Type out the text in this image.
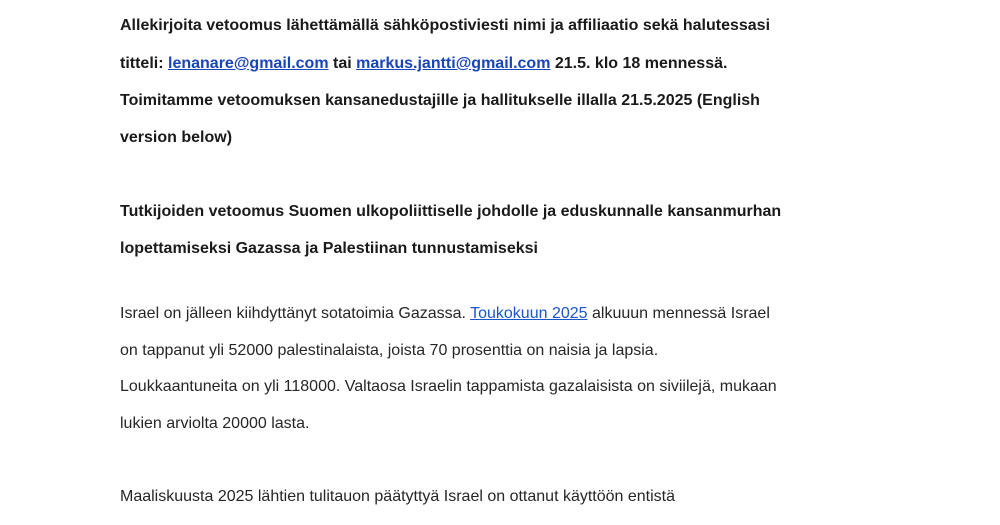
Allekirjoita vetoomus lähettämällä sähköpostiviesti nimi ja affiliaatio sekä halutessasi
titteli: lenanare@gmail.com tai markus.jantti@gmail.com 21.5. klo 18 mennessä.
Toimitamme vetoomuksen kansanedustajille ja hallitukselle illalla 21.5.2025 (English
version below)
Tutkijoiden vetoomus Suomen ulkopoliittiselle johdolle ja eduskunnalle kansanmurhan
lopettamiseksi Gazassa ja Palestiinan tunnustamiseksi
Israel on jälleen kiihdyttänyt sotatoimia Gazassa. Toukokuun 2025 alkuuun mennessä Israel
on tappanut yli 52000 palestinalaista, joista 70 prosenttia on naisia ja lapsia.
Loukkaantuneita on yli 118000. Valtaosa Israelin tappamista gazalaisista on siviilejä, mukaan
lukien arviolta 20000 lasta.
Maaliskuusta 2025 lähtien tulitauon päätyttyä Israel on ottanut käyttöön entistä
